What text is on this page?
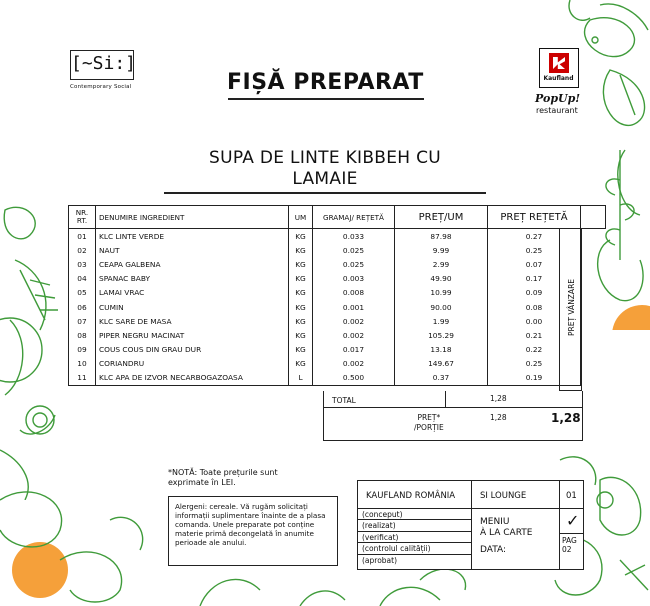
[~Si:]
Contemporary Social
Kaufland
PopUp!
restaurant
FIȘĂ PREPARAT
SUPA DE LINTE KIBBEH CU
LAMAIE
NR. RT.	DENUMIRE INGREDIENT	UM	GRAMAJ/ REȚETĂ	PREȚ/UM	PREȚ REȚETĂ	
01	KLC LINTE VERDE	KG	0.033	87.98	0.27	
02	NAUT	KG	0.025	9.99	0.25	
03	CEAPA GALBENA	KG	0.025	2.99	0.07	
04	SPANAC BABY	KG	0.003	49.90	0.17	
05	LAMAI VRAC	KG	0.008	10.99	0.09	
06	CUMIN	KG	0.001	90.00	0.08	
07	KLC SARE DE MASA	KG	0.002	1.99	0.00	
08	PIPER NEGRU MACINAT	KG	0.002	105.29	0.21	
09	COUS COUS DIN GRAU DUR	KG	0.017	13.18	0.22	
10	CORIANDRU	KG	0.002	149.67	0.25	
11	KLC APA DE IZVOR NECARBOGAZOASA	L	0.500	0.37	0.19	
PREȚ VÂNZARE
TOTAL	1,28
PREȚ*
/PORȚIE
1,28	1,28
*NOTĂ: Toate prețurile sunt exprimate în LEI.
Alergeni: cereale. Vă rugăm solicitați informații suplimentare înainte de a plasa comanda. Unele preparate pot conține materie primă decongelată în anumite perioade ale anului.
KAUFLAND ROMÂNIA	SI LOUNGE	01
(conceput)
(realizat)
(verificat)
(controlul calității)
(aprobat)
MENIU
À LA CARTE
DATA:
✓
PAG
02
